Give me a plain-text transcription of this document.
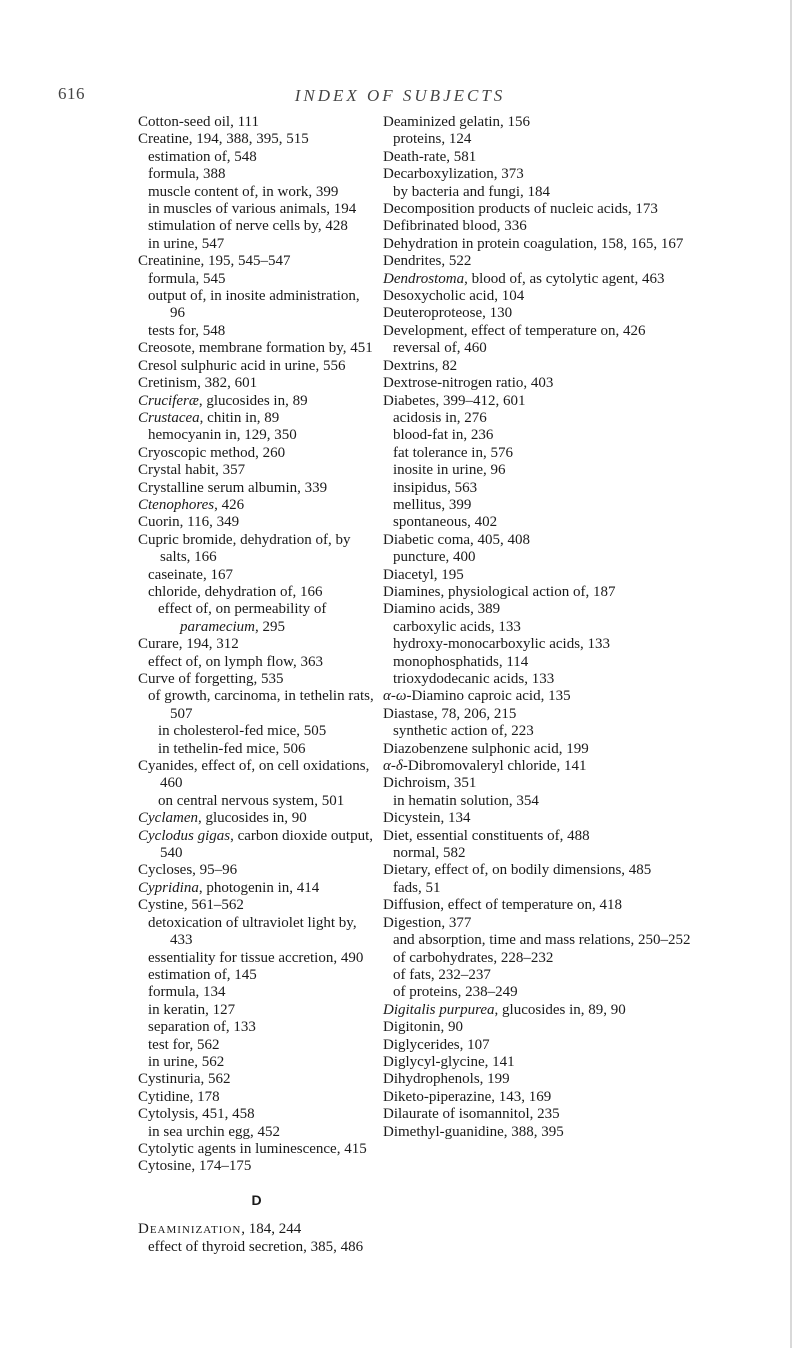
616	INDEX OF SUBJECTS

Cotton-seed oil, 111

Creatine, 194, 388, 395, 515

estimation of, 548

formula, 388

muscle content of, in work, 399

in muscles of various animals, 194

stimulation of nerve cells by, 428

in urine, 547

Creatinine, 195, 545–547

formula, 545

output of, in inosite administration, 96

tests for, 548

Creosote, membrane formation by, 451

Cresol sulphuric acid in urine, 556

Cretinism, 382, 601

Cruciferæ, glucosides in, 89

Crustacea, chitin in, 89

hemocyanin in, 129, 350

Cryoscopic method, 260

Crystal habit, 357

Crystalline serum albumin, 339

Ctenophores, 426

Cuorin, 116, 349

Cupric bromide, dehydration of, by salts, 166

caseinate, 167

chloride, dehydration of, 166

effect of, on permeability of paramecium, 295

Curare, 194, 312

effect of, on lymph flow, 363

Curve of forgetting, 535

of growth, carcinoma, in tethelin rats, 507

in cholesterol-fed mice, 505

in tethelin-fed mice, 506

Cyanides, effect of, on cell oxidations, 460

on central nervous system, 501

Cyclamen, glucosides in, 90

Cyclodus gigas, carbon dioxide output, 540

Cycloses, 95–96

Cypridina, photogenin in, 414

Cystine, 561–562

detoxication of ultraviolet light by, 433

essentiality for tissue accretion, 490

estimation of, 145

formula, 134

in keratin, 127

separation of, 133

test for, 562

in urine, 562

Cystinuria, 562

Cytidine, 178

Cytolysis, 451, 458

in sea urchin egg, 452

Cytolytic agents in luminescence, 415

Cytosine, 174–175

D

Deaminization, 184, 244

effect of thyroid secretion, 385, 486

Deaminized gelatin, 156

proteins, 124

Death-rate, 581

Decarboxylization, 373

by bacteria and fungi, 184

Decomposition products of nucleic acids, 173

Defibrinated blood, 336

Dehydration in protein coagulation, 158, 165, 167

Dendrites, 522

Dendrostoma, blood of, as cytolytic agent, 463

Desoxycholic acid, 104

Deuteroproteose, 130

Development, effect of temperature on, 426

reversal of, 460

Dextrins, 82

Dextrose-nitrogen ratio, 403

Diabetes, 399–412, 601

acidosis in, 276

blood-fat in, 236

fat tolerance in, 576

inosite in urine, 96

insipidus, 563

mellitus, 399

spontaneous, 402

Diabetic coma, 405, 408

puncture, 400

Diacetyl, 195

Diamines, physiological action of, 187

Diamino acids, 389

carboxylic acids, 133

hydroxy-monocarboxylic acids, 133

monophosphatids, 114

trioxydodecanic acids, 133

α-ω-Diamino caproic acid, 135

Diastase, 78, 206, 215

synthetic action of, 223

Diazobenzene sulphonic acid, 199

α-δ-Dibromovaleryl chloride, 141

Dichroism, 351

in hematin solution, 354

Dicystein, 134

Diet, essential constituents of, 488

normal, 582

Dietary, effect of, on bodily dimensions, 485

fads, 51

Diffusion, effect of temperature on, 418

Digestion, 377

and absorption, time and mass relations, 250–252

of carbohydrates, 228–232

of fats, 232–237

of proteins, 238–249

Digitalis purpurea, glucosides in, 89, 90

Digitonin, 90

Diglycerides, 107

Diglycyl-glycine, 141

Dihydrophenols, 199

Diketo-piperazine, 143, 169

Dilaurate of isomannitol, 235

Dimethyl-guanidine, 388, 395
